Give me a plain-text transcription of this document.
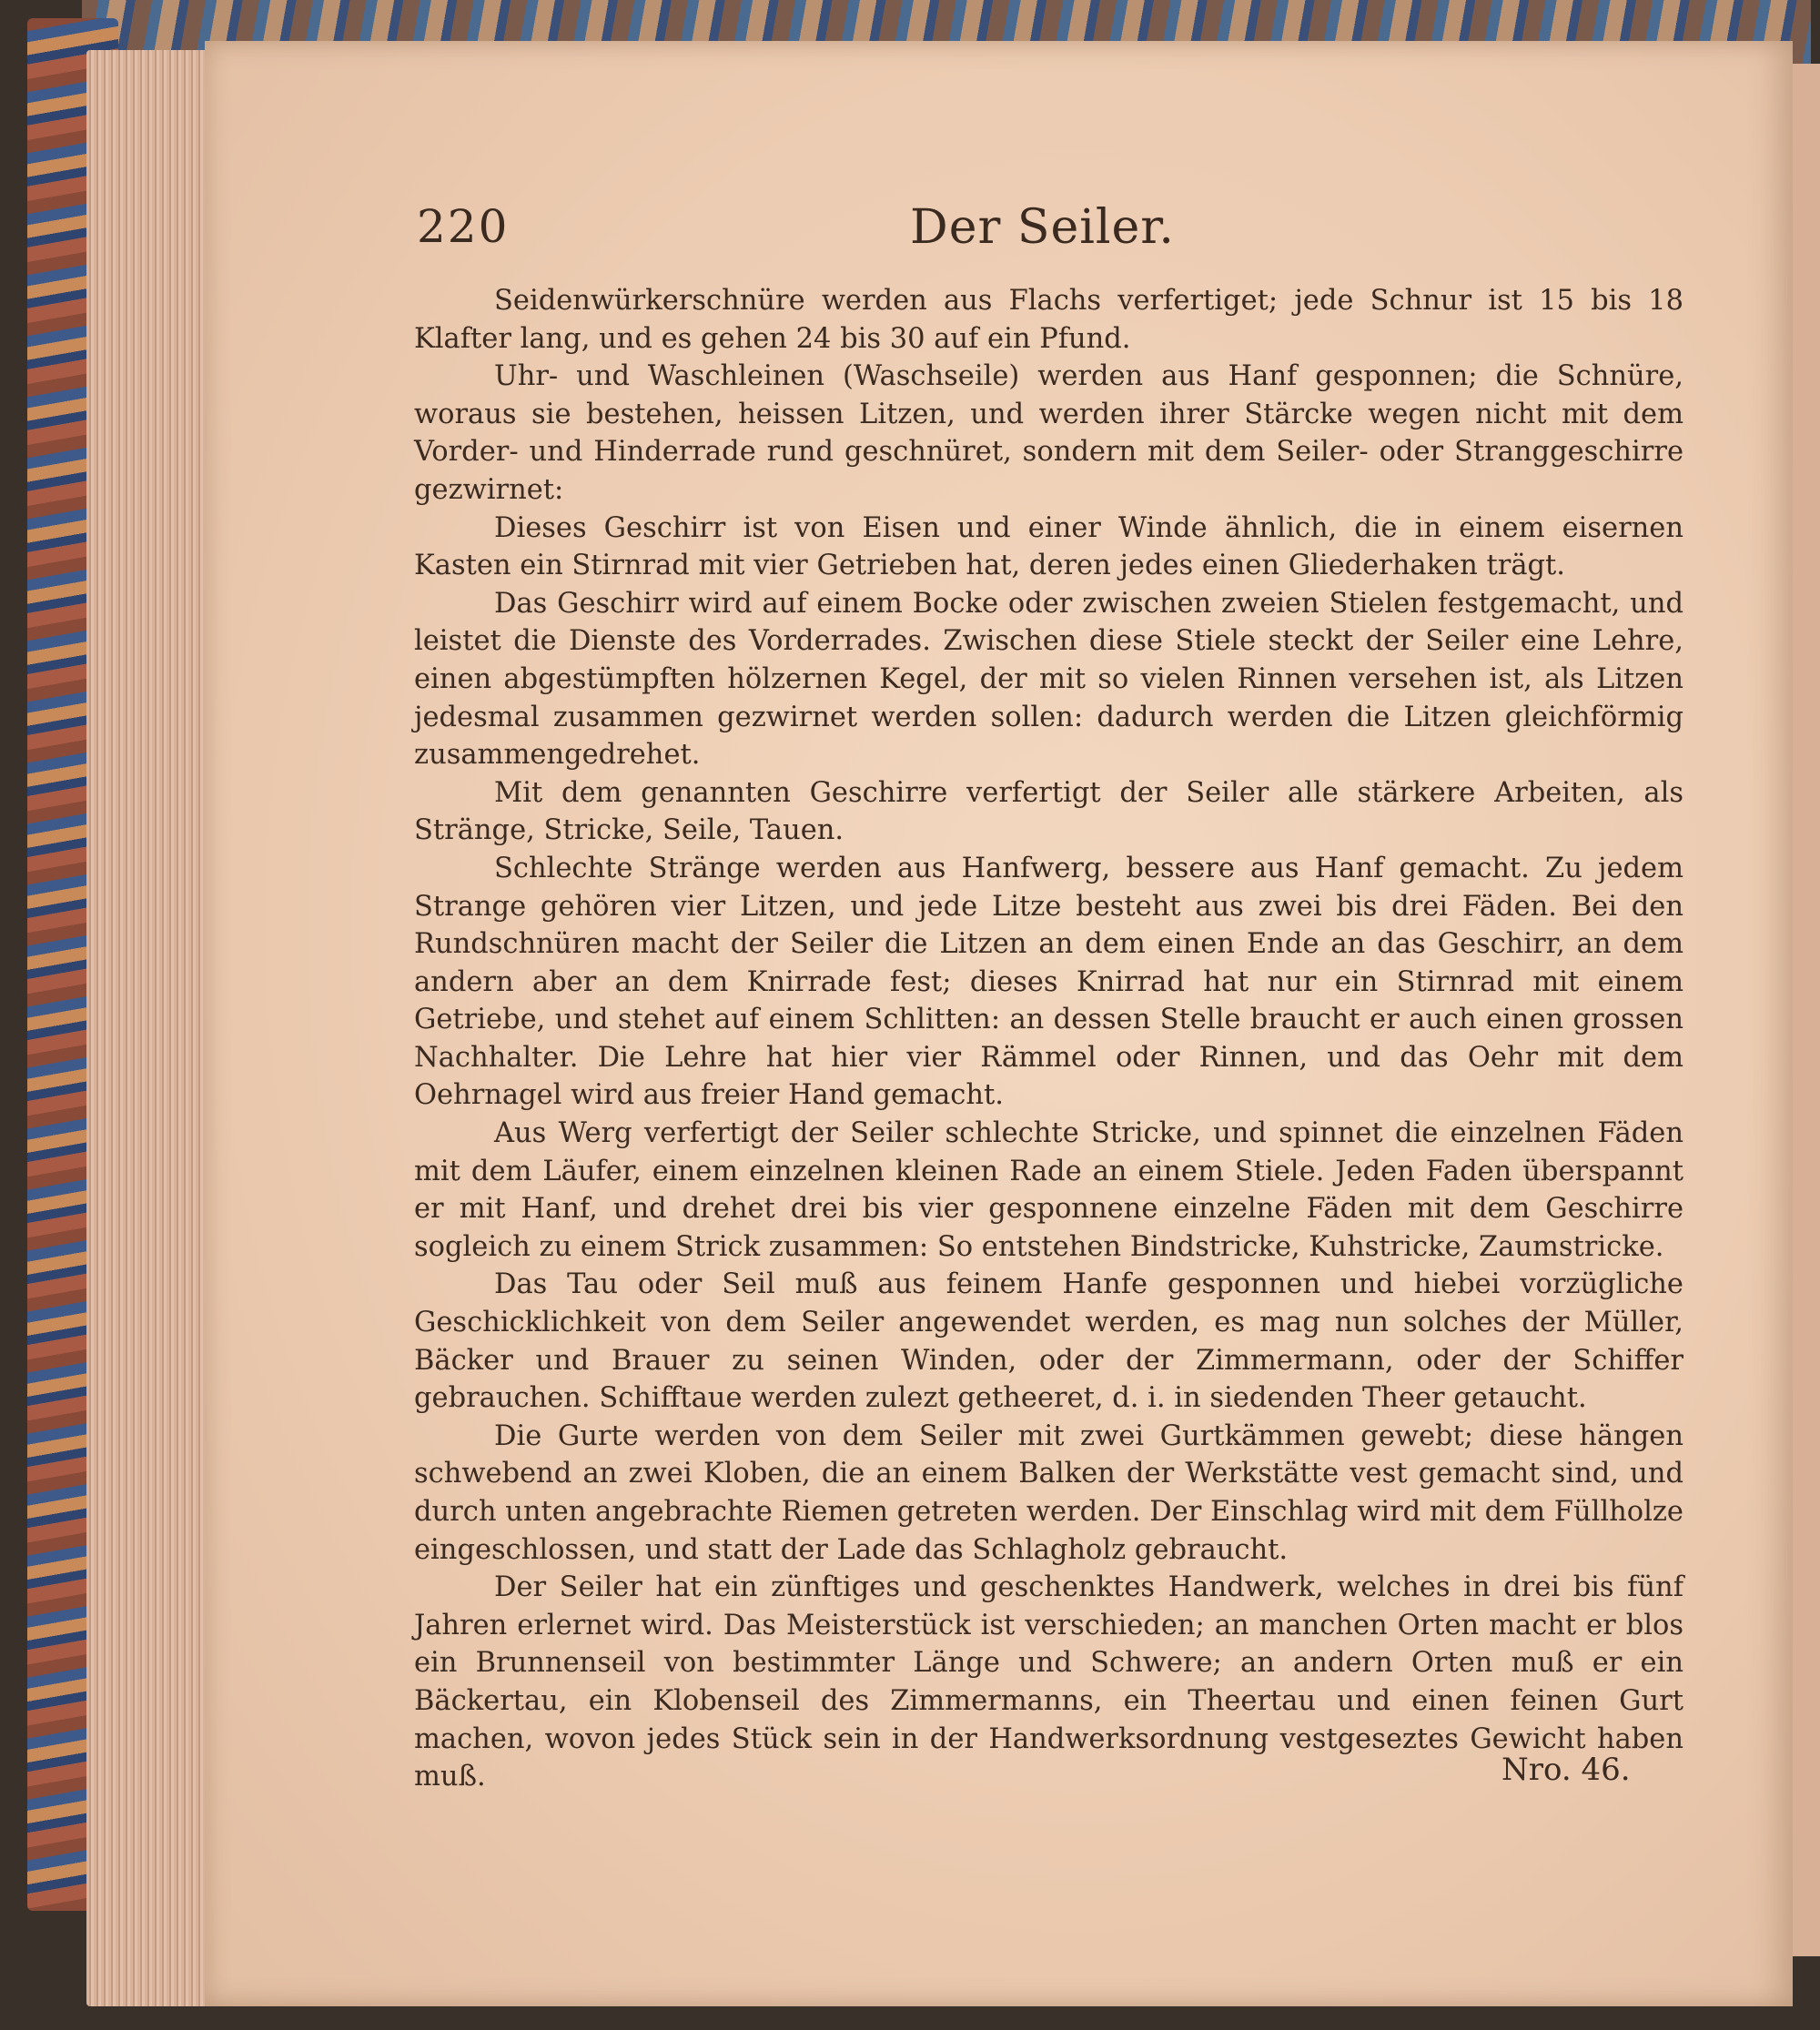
220	Der Seiler.

Seidenwürkerschnüre werden aus Flachs verfertiget; jede Schnur ist 15 bis 18 Klafter lang, und es gehen 24 bis 30 auf ein Pfund.

Uhr- und Waschleinen (Waschseile) werden aus Hanf gesponnen; die Schnüre, woraus sie bestehen, heissen Litzen, und werden ihrer Stärcke wegen nicht mit dem Vorder- und Hinderrade rund geschnüret, sondern mit dem Seiler- oder Stranggeschirre gezwirnet:

Dieses Geschirr ist von Eisen und einer Winde ähnlich, die in einem eisernen Kasten ein Stirnrad mit vier Getrieben hat, deren jedes einen Gliederhaken trägt.

Das Geschirr wird auf einem Bocke oder zwischen zweien Stielen festgemacht, und leistet die Dienste des Vorderrades. Zwischen diese Stiele steckt der Seiler eine Lehre, einen abgestümpften hölzernen Kegel, der mit so vielen Rinnen versehen ist, als Litzen jedesmal zusammen gezwirnet werden sollen: dadurch werden die Litzen gleichförmig zusammengedrehet.

Mit dem genannten Geschirre verfertigt der Seiler alle stärkere Arbeiten, als Stränge, Stricke, Seile, Tauen.

Schlechte Stränge werden aus Hanfwerg, bessere aus Hanf gemacht. Zu jedem Strange gehören vier Litzen, und jede Litze besteht aus zwei bis drei Fäden. Bei den Rundschnüren macht der Seiler die Litzen an dem einen Ende an das Geschirr, an dem andern aber an dem Knirrade fest; dieses Knirrad hat nur ein Stirnrad mit einem Getriebe, und stehet auf einem Schlitten: an dessen Stelle braucht er auch einen grossen Nachhalter. Die Lehre hat hier vier Rämmel oder Rinnen, und das Oehr mit dem Oehrnagel wird aus freier Hand gemacht.

Aus Werg verfertigt der Seiler schlechte Stricke, und spinnet die einzelnen Fäden mit dem Läufer, einem einzelnen kleinen Rade an einem Stiele. Jeden Faden überspannt er mit Hanf, und drehet drei bis vier gesponnene einzelne Fäden mit dem Geschirre sogleich zu einem Strick zusammen: So entstehen Bindstricke, Kuhstricke, Zaumstricke.

Das Tau oder Seil muß aus feinem Hanfe gesponnen und hiebei vorzügliche Geschicklichkeit von dem Seiler angewendet werden, es mag nun solches der Müller, Bäcker und Brauer zu seinen Winden, oder der Zimmermann, oder der Schiffer gebrauchen. Schifftaue werden zulezt getheeret, d. i. in siedenden Theer getaucht.

Die Gurte werden von dem Seiler mit zwei Gurtkämmen gewebt; diese hängen schwebend an zwei Kloben, die an einem Balken der Werkstätte vest gemacht sind, und durch unten angebrachte Riemen getreten werden. Der Einschlag wird mit dem Füllholze eingeschlossen, und statt der Lade das Schlagholz gebraucht.

Der Seiler hat ein zünftiges und geschenktes Handwerk, welches in drei bis fünf Jahren erlernet wird. Das Meisterstück ist verschieden; an manchen Orten macht er blos ein Brunnenseil von bestimmter Länge und Schwere; an andern Orten muß er ein Bäckertau, ein Klobenseil des Zimmermanns, ein Theertau und einen feinen Gurt machen, wovon jedes Stück sein in der Handwerksordnung vestgeseztes Gewicht haben muß.	Nro. 46.
